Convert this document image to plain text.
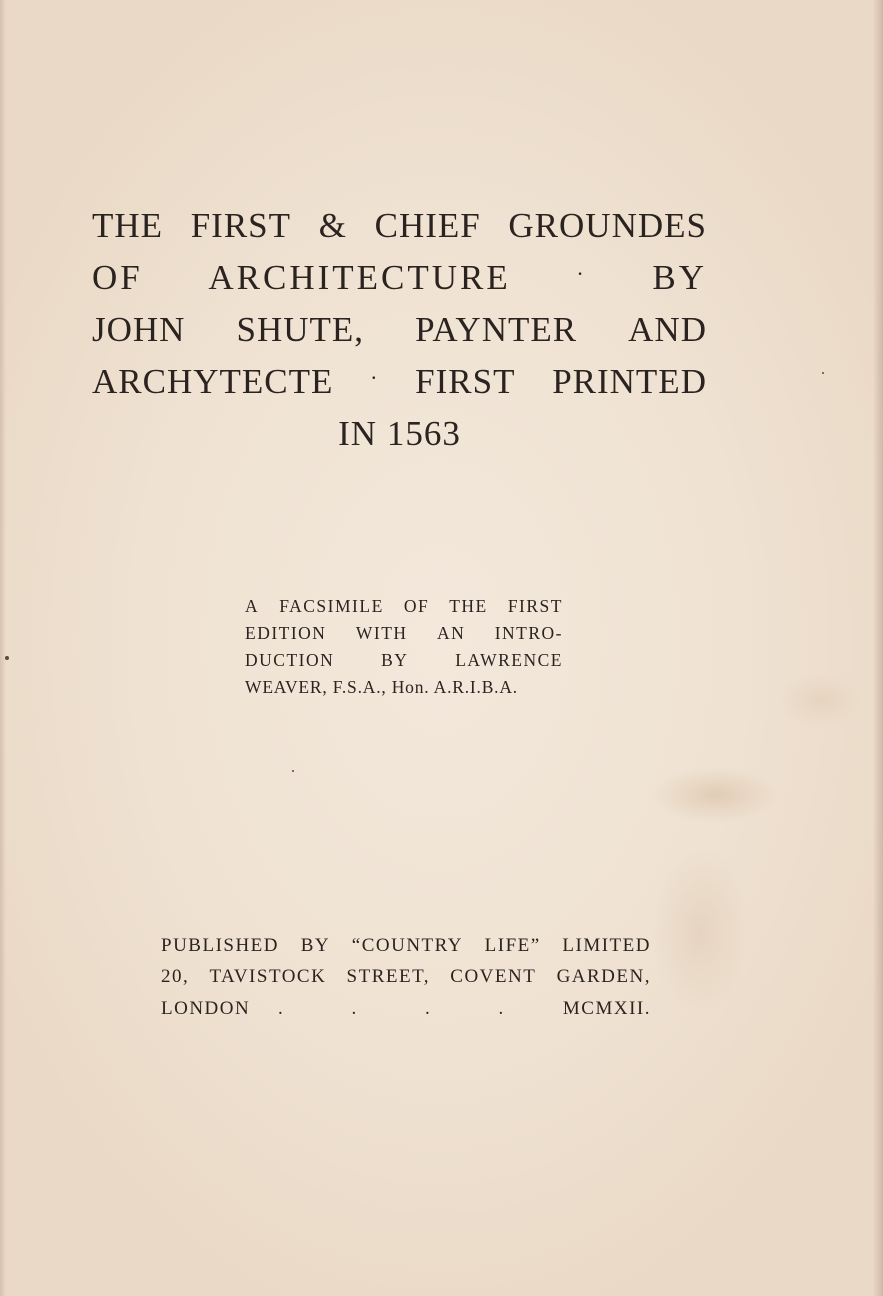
THE FIRST & CHIEF GROUNDES
OF ARCHITECTURE	· BY
JOHN SHUTE, PAYNTER AND
ARCHYTECTE · FIRST PRINTED
IN 1563
A FACSIMILE OF THE FIRST
EDITION WITH AN INTRO-
DUCTION	BY	LAWRENCE
WEAVER, F.S.A., Hon. A.R.I.B.A.
PUBLISHED BY “COUNTRY LIFE” LIMITED
20, TAVISTOCK STREET, COVENT GARDEN,
LONDON . . . . MCMXII.
